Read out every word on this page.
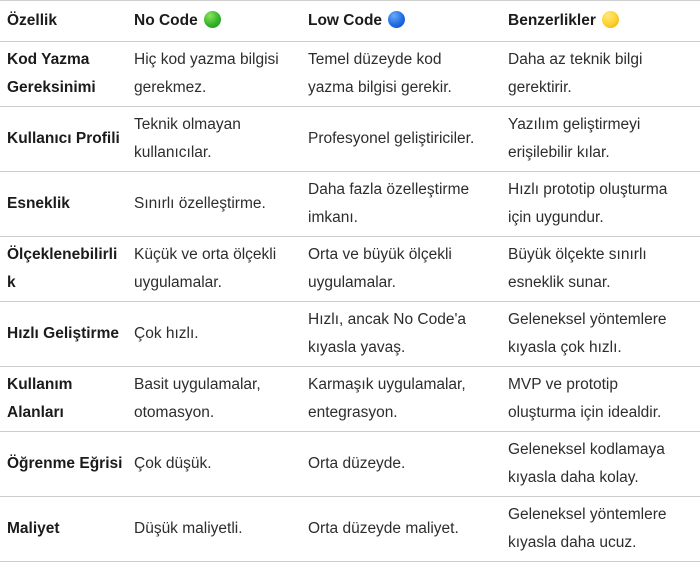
Özellik	No Code	Low Code	Benzerlikler
Kod Yazma Gereksinimi	Hiç kod yazma bilgisi gerekmez.	Temel düzeyde kod yazma bilgisi gerekir.	Daha az teknik bilgi gerektirir.
Kullanıcı Profili	Teknik olmayan kullanıcılar.	Profesyonel geliştiriciler.	Yazılım geliştirmeyi erişilebilir kılar.
Esneklik	Sınırlı özelleştirme.	Daha fazla özelleştirme imkanı.	Hızlı prototip oluşturma için uygundur.
Ölçeklenebilirlik	Küçük ve orta ölçekli uygulamalar.	Orta ve büyük ölçekli uygulamalar.	Büyük ölçekte sınırlı esneklik sunar.
Hızlı Geliştirme	Çok hızlı.	Hızlı, ancak No Code'a kıyasla yavaş.	Geleneksel yöntemlere kıyasla çok hızlı.
Kullanım Alanları	Basit uygulamalar, otomasyon.	Karmaşık uygulamalar, entegrasyon.	MVP ve prototip oluşturma için idealdir.
Öğrenme Eğrisi	Çok düşük.	Orta düzeyde.	Geleneksel kodlamaya kıyasla daha kolay.
Maliyet	Düşük maliyetli.	Orta düzeyde maliyet.	Geleneksel yöntemlere kıyasla daha ucuz.
